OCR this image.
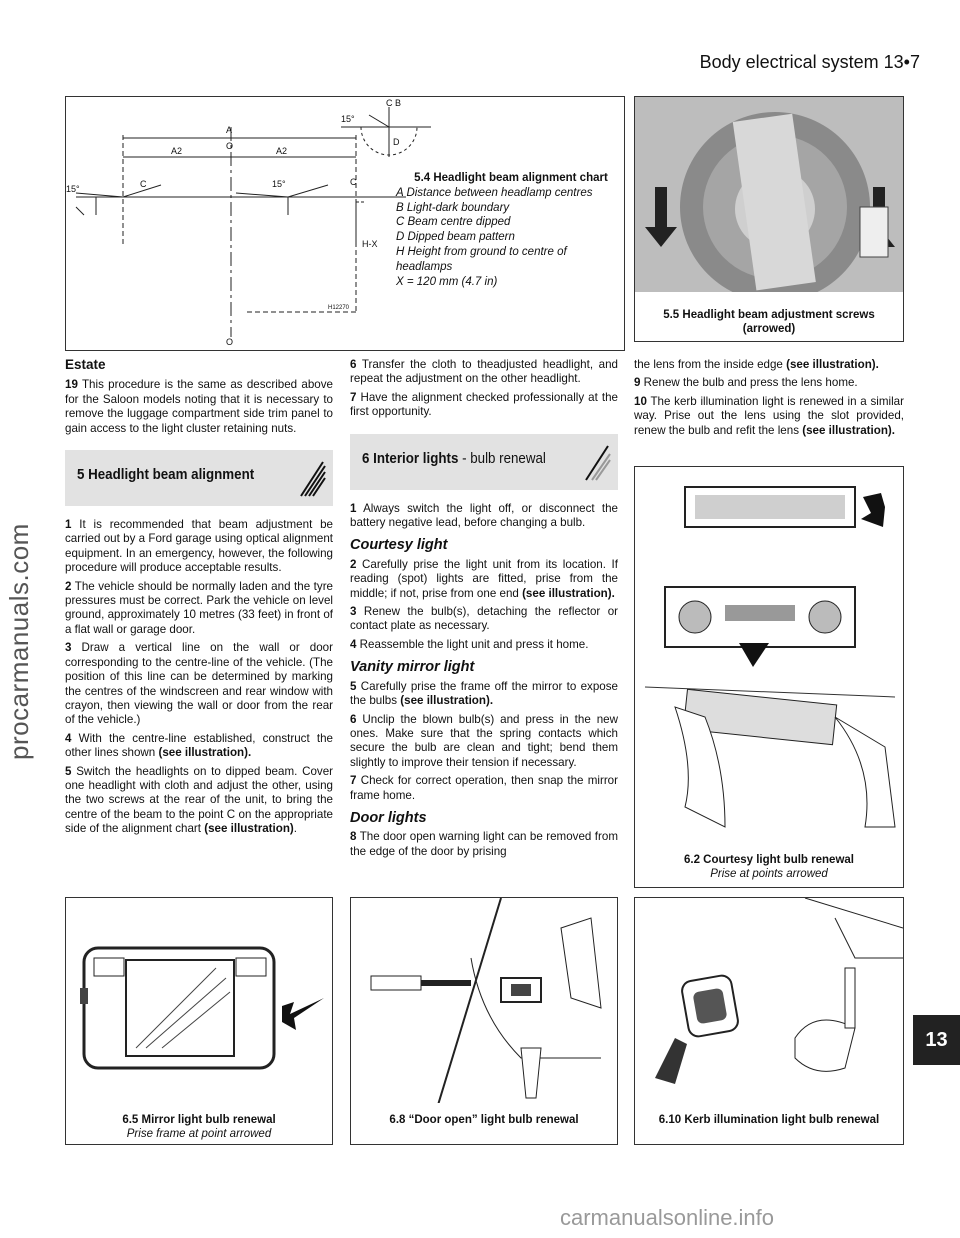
Body electrical system 13•7
procarmanuals.com
13
A
O
A2	A2
C	C
15°	15°
H-X
O
H12270
C B
15°
D
5.4 Headlight beam alignment chart
A Distance between headlamp centres
B Light-dark boundary
C Beam centre dipped
D Dipped beam pattern
H Height from ground to centre of headlamps
X = 120 mm (4.7 in)
5.5 Headlight beam adjustment screws (arrowed)
Estate

19 This procedure is the same as described above for the Saloon models noting that it is necessary to remove the luggage compartment side trim panel to gain access to the light cluster retaining nuts.

5 Headlight beam alignment

1 It is recommended that beam adjustment be carried out by a Ford garage using optical alignment equipment. In an emergency, however, the following procedure will produce acceptable results.

2 The vehicle should be normally laden and the tyre pressures must be correct. Park the vehicle on level ground, approximately 10 metres (33 feet) in front of a flat wall or garage door.

3 Draw a vertical line on the wall or door corresponding to the centre-line of the vehicle. (The position of this line can be determined by marking the centres of the windscreen and rear window with crayon, then viewing the wall or door from the rear of the vehicle.)

4 With the centre-line established, construct the other lines shown (see illustration).

5 Switch the headlights on to dipped beam. Cover one headlight with cloth and adjust the other, using the two screws at the rear of the unit, to bring the centre of the beam to the point C on the appropriate side of the alignment chart (see illustration).

6 Transfer the cloth to theadjusted headlight, and repeat the adjustment on the other headlight.

7 Have the alignment checked professionally at the first opportunity.

6 Interior lights - bulb renewal

1 Always switch the light off, or disconnect the battery negative lead, before changing a bulb.

Courtesy light

2 Carefully prise the light unit from its location. If reading (spot) lights are fitted, prise from the middle; if not, prise from one end (see illustration).

3 Renew the bulb(s), detaching the reflector or contact plate as necessary.

4 Reassemble the light unit and press it home.

Vanity mirror light

5 Carefully prise the frame off the mirror to expose the bulbs (see illustration).

6 Unclip the blown bulb(s) and press in the new ones. Make sure that the spring contacts which secure the bulb are clean and tight; bend them slightly to improve their tension if necessary.

7 Check for correct operation, then snap the mirror frame home.

Door lights

8 The door open warning light can be removed from the edge of the door by prising

the lens from the inside edge (see illustration).

9 Renew the bulb and press the lens home.

10 The kerb illumination light is renewed in a similar way. Prise out the lens using the slot provided, renew the bulb and refit the lens (see illustration).

6.2 Courtesy light bulb renewal
Prise at points arrowed
6.5 Mirror light bulb renewal
Prise frame at point arrowed
6.8 “Door open” light bulb renewal	6.10 Kerb illumination light bulb renewal
carmanualsonline.info
